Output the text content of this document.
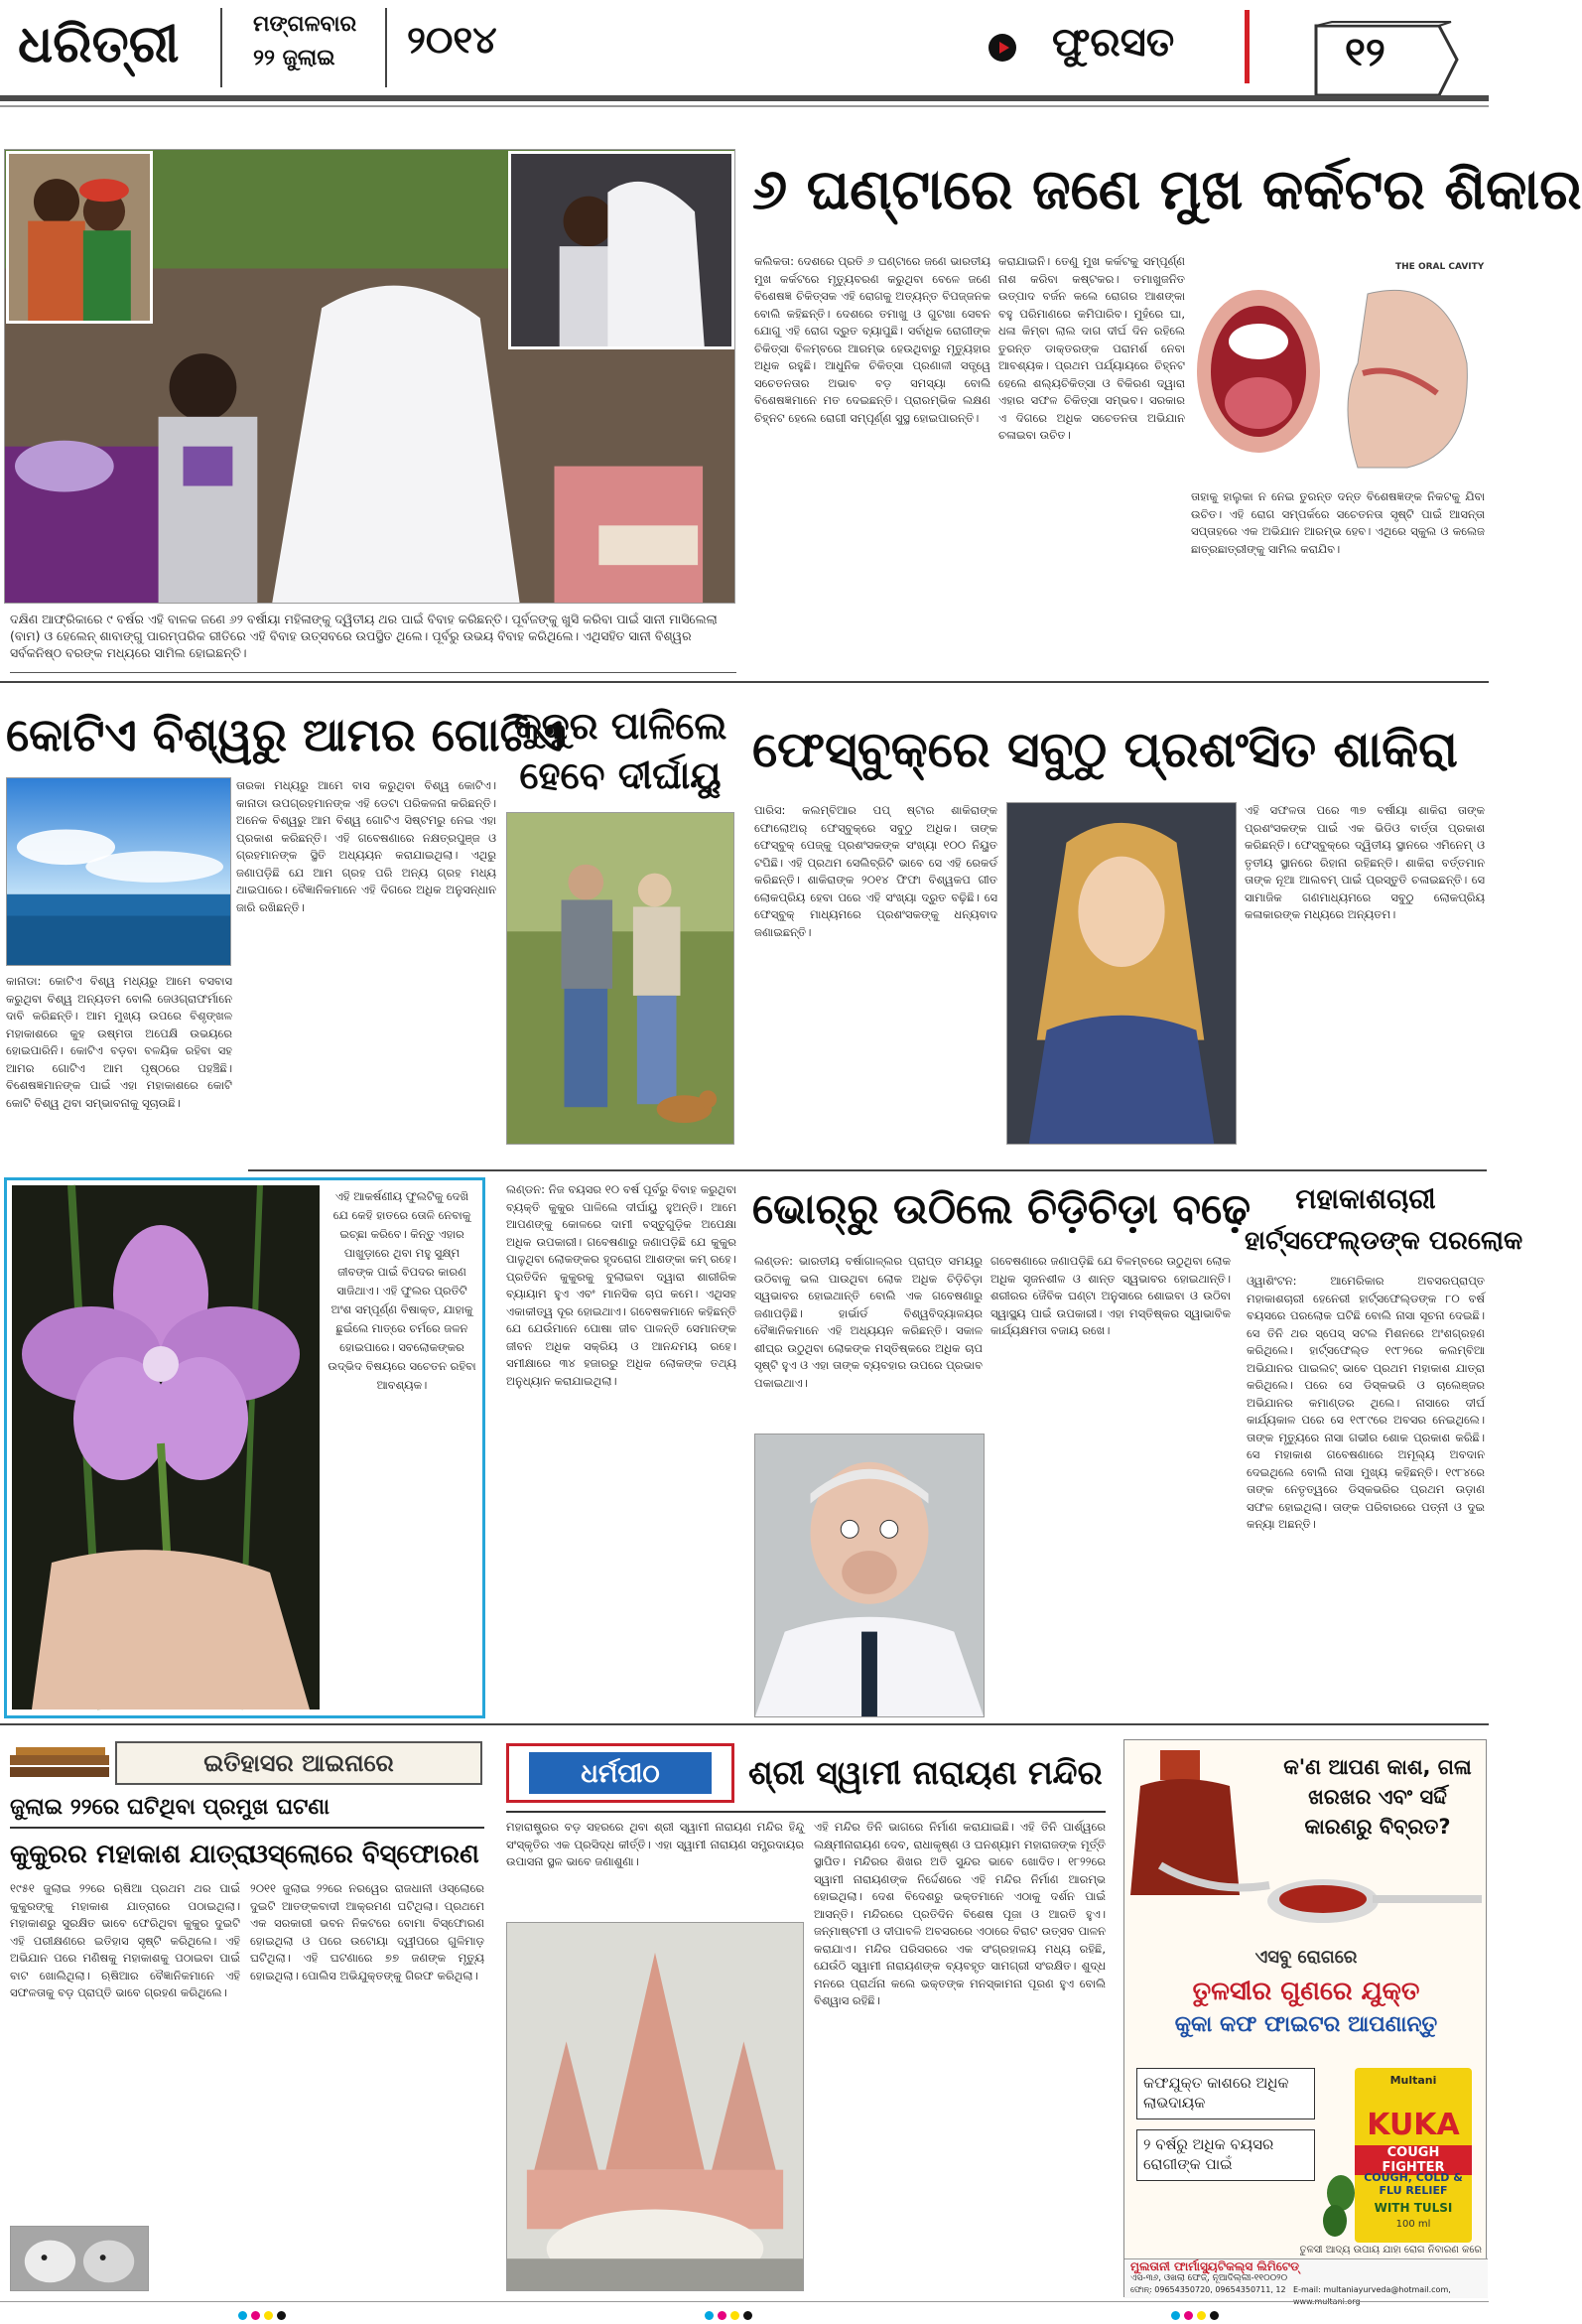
ଧରିତ୍ରୀ	ମଙ୍ଗଳବାର
୨୨ ଜୁଲାଇ ୨୦୧୪	ଫୁରସତ	୧୨
ଦକ୍ଷିଣ ଆଫ୍ରିକାରେ ୯ ବର୍ଷର ଏହି ବାଳକ ଜଣେ ୬୨ ବର୍ଷୀୟା ମହିଳାଙ୍କୁ ଦ୍ୱିତୀୟ ଥର ପାଇଁ ବିବାହ କରିଛନ୍ତି। ପୂର୍ବଜଙ୍କୁ ଖୁସି କରିବା ପାଇଁ ସାନୀ ମାସିଲେଲା (ବାମ) ଓ ହେଲେନ୍ ଶାବାଙ୍ଗୁ ପାରମ୍ପରିକ ରୀତିରେ ଏହି ବିବାହ ଉତ୍ସବରେ ଉପସ୍ଥିତ ଥିଲେ। ପୂର୍ବରୁ ଉଭୟ ବିବାହ କରିଥିଲେ। ଏଥିସହିତ ସାନୀ ବିଶ୍ୱର ସର୍ବକନିଷ୍ଠ ବରଙ୍କ ମଧ୍ୟରେ ସାମିଲ ହୋଇଛନ୍ତି।
୬ ଘଣ୍ଟାରେ ଜଣେ ମୁଖ କର୍କଟର ଶିକାର
କଲିକତା: ଦେଶରେ ପ୍ରତି ୬ ଘଣ୍ଟାରେ ଜଣେ ଭାରତୀୟ ମୁଖ କର୍କଟରେ ମୃତ୍ୟୁବରଣ କରୁଥିବା ବେଳେ ଜଣେ ବିଶେଷଜ୍ଞ ଚିକିତ୍ସକ ଏହି ରୋଗକୁ ଅତ୍ୟନ୍ତ ବିପଜ୍ଜନକ ବୋଲି କହିଛନ୍ତି। ଦେଶରେ ତମାଖୁ ଓ ଗୁଟଖା ସେବନ ଯୋଗୁ ଏହି ରୋଗ ଦ୍ରୁତ ବ୍ୟାପୁଛି। ସର୍ବାଧିକ ରୋଗୀଙ୍କ ଚିକିତ୍ସା ବିଳମ୍ବରେ ଆରମ୍ଭ ହେଉଥିବାରୁ ମୃତ୍ୟୁହାର ଅଧିକ ରହୁଛି। ଆଧୁନିକ ଚିକିତ୍ସା ପ୍ରଣାଳୀ ସତ୍ତ୍ୱେ ସଚେତନତାର ଅଭାବ ବଡ଼ ସମସ୍ୟା ବୋଲି ବିଶେଷଜ୍ଞମାନେ ମତ ଦେଇଛନ୍ତି। ପ୍ରାରମ୍ଭିକ ଲକ୍ଷଣ ଚିହ୍ନଟ ହେଲେ ରୋଗୀ ସମ୍ପୂର୍ଣ୍ଣ ସୁସ୍ଥ ହୋଇପାରନ୍ତି।
କରାଯାଇନି। ତେଣୁ ମୁଖ କର୍କଟକୁ ସମ୍ପୂର୍ଣ୍ଣ ନାଶ କରିବା କଷ୍ଟକର। ତମାଖୁଜନିତ ଉତ୍ପାଦ ବର୍ଜନ କଲେ ରୋଗର ଆଶଙ୍କା ବହୁ ପରିମାଣରେ କମିପାରିବ। ମୁହଁରେ ଘା, ଧଳା କିମ୍ବା ଲାଲ ଦାଗ ଦୀର୍ଘ ଦିନ ରହିଲେ ତୁରନ୍ତ ଡାକ୍ତରଙ୍କ ପରାମର୍ଶ ନେବା ଆବଶ୍ୟକ। ପ୍ରଥମ ପର୍ଯ୍ୟାୟରେ ଚିହ୍ନଟ ହେଲେ ଶଲ୍ୟଚିକିତ୍ସା ଓ ବିକିରଣ ଦ୍ୱାରା ଏହାର ସଫଳ ଚିକିତ୍ସା ସମ୍ଭବ। ସରକାର ଏ ଦିଗରେ ଅଧିକ ସଚେତନତା ଅଭିଯାନ ଚଳାଇବା ଉଚିତ।
THE ORAL CAVITY
ତାହାକୁ ହାଲୁକା ନ ନେଇ ତୁରନ୍ତ ଦନ୍ତ ବିଶେଷଜ୍ଞଙ୍କ ନିକଟକୁ ଯିବା ଉଚିତ। ଏହି ରୋଗ ସମ୍ପର୍କରେ ସଚେତନତା ସୃଷ୍ଟି ପାଇଁ ଆସନ୍ତା ସପ୍ତାହରେ ଏକ ଅଭିଯାନ ଆରମ୍ଭ ହେବ। ଏଥିରେ ସ୍କୁଲ ଓ କଲେଜ ଛାତ୍ରଛାତ୍ରୀଙ୍କୁ ସାମିଲ କରାଯିବ।
କୋଟିଏ ବିଶ୍ୱରୁ ଆମର ଗୋଟିଏ
ତାରକା ମଧ୍ୟରୁ ଆମେ ବାସ କରୁଥିବା ବିଶ୍ୱ କୋଟିଏ। କାନାଡା ଉପଗ୍ରହମାନଙ୍କ ଏହି ଡେଟା ପରିକଳନା କରିଛନ୍ତି। ଅନେକ ବିଶ୍ୱରୁ ଆମ ବିଶ୍ୱ ଗୋଟିଏ ସିଷ୍ଟମରୁ ନେଇ ଏହା ପ୍ରକାଶ କରିଛନ୍ତି। ଏହି ଗବେଷଣାରେ ନକ୍ଷତ୍ରପୁଞ୍ଜ ଓ ଗ୍ରହମାନଙ୍କ ସ୍ଥିତି ଅଧ୍ୟୟନ କରାଯାଇଥିଲା। ଏଥିରୁ ଜଣାପଡ଼ିଛି ଯେ ଆମ ଗ୍ରହ ପରି ଅନ୍ୟ ଗ୍ରହ ମଧ୍ୟ ଥାଇପାରେ। ବୈଜ୍ଞାନିକମାନେ ଏହି ଦିଗରେ ଅଧିକ ଅନୁସନ୍ଧାନ ଜାରି ରଖିଛନ୍ତି।
କାନାଡା: କୋଟିଏ ବିଶ୍ୱ ମଧ୍ୟରୁ ଆମେ ବସବାସ କରୁଥିବା ବିଶ୍ୱ ଅନ୍ୟତମ ବୋଲି ଜେଓଗ୍ରାଫର୍ମାନେ ଦାବି କରିଛନ୍ତି। ଆମ ମୁଖ୍ୟ ଉପରେ ବିଶୃଙ୍ଖଳ ମହାକାଶରେ କୁହ ଉଷ୍ମତା ଅପେକ୍ଷି ଉଭୟରେ ହୋଇପାରିନି। କୋଟିଏ ବଡ଼ବା ବଳୟିକ ରହିବା ସହ ଆମର ଗୋଟିଏ ଆମ ପୃଷ୍ଠରେ ପହଞ୍ଚିଛି। ବିଶେଷଜ୍ଞମାନଙ୍କ ପାଇଁ ଏହା ମହାକାଶରେ କୋଟି କୋଟି ବିଶ୍ୱ ଥିବା ସମ୍ଭାବନାକୁ ସୂଚାଉଛି।
କୁକୁର ପାଳିଲେ
ହେବେ ଦୀର୍ଘାୟୁ ଫେସ୍‌ବୁକ୍‌ରେ ସବୁଠୁ ପ୍ରଶଂସିତ ଶାକିରା
ପାରିସ: କଲମ୍ବିଆର ପପ୍ ଷ୍ଟାର ଶାକିରାଙ୍କ ଫୋଲୋଅର୍ ଫେସ୍‌ବୁକ୍‌ରେ ସବୁଠୁ ଅଧିକ। ତାଙ୍କ ଫେସ୍‌ବୁକ୍ ପେଜ୍‌କୁ ପ୍ରଶଂସକଙ୍କ ସଂଖ୍ୟା ୧୦୦ ନିୟୁତ ଟପିଛି। ଏହି ପ୍ରଥମ ସେଲିବ୍ରିଟି ଭାବେ ସେ ଏହି ରେକର୍ଡ କରିଛନ୍ତି। ଶାକିରାଙ୍କ ୨୦୧୪ ଫିଫା ବିଶ୍ୱକପ ଗୀତ ଲୋକପ୍ରିୟ ହେବା ପରେ ଏହି ସଂଖ୍ୟା ଦ୍ରୁତ ବଢ଼ିଛି। ସେ ଫେସ୍‌ବୁକ୍ ମାଧ୍ୟମରେ ପ୍ରଶଂସକଙ୍କୁ ଧନ୍ୟବାଦ ଜଣାଇଛନ୍ତି।
ଏହି ସଫଳତା ପରେ ୩୭ ବର୍ଷୀୟା ଶାକିରା ତାଙ୍କ ପ୍ରଶଂସକଙ୍କ ପାଇଁ ଏକ ଭିଡିଓ ବାର୍ତ୍ତା ପ୍ରକାଶ କରିଛନ୍ତି। ଫେସ୍‌ବୁକ୍‌ରେ ଦ୍ୱିତୀୟ ସ୍ଥାନରେ ଏମିନେମ୍ ଓ ତୃତୀୟ ସ୍ଥାନରେ ରିହାନା ରହିଛନ୍ତି। ଶାକିରା ବର୍ତ୍ତମାନ ତାଙ୍କ ନୂଆ ଆଲବମ୍ ପାଇଁ ପ୍ରସ୍ତୁତି ଚଳାଇଛନ୍ତି। ସେ ସାମାଜିକ ଗଣମାଧ୍ୟମରେ ସବୁଠୁ ଲୋକପ୍ରିୟ କଳାକାରଙ୍କ ମଧ୍ୟରେ ଅନ୍ୟତମ।
ଏହି ଆକର୍ଷଣୀୟ ଫୁଲଟିକୁ ଦେଖି ଯେ କେହି ହାତରେ ତୋଳି ନେବାକୁ ଇଚ୍ଛା କରିବେ। କିନ୍ତୁ ଏହାର ପାଖୁଡ଼ାରେ ଥିବା ମହୁ ସୁକ୍ଷ୍ମ ଜୀବଙ୍କ ପାଇଁ ବିପଦର କାରଣ ସାଜିଥାଏ। ଏହି ଫୁଲର ପ୍ରତିଟି ଅଂଶ ସମ୍ପୂର୍ଣ୍ଣ ବିଷାକ୍ତ, ଯାହାକୁ ଛୁଇଁଲେ ମାତ୍ରେ ଚର୍ମରେ ଜଳନ ହୋଇପାରେ। ସବଲୋକଙ୍କର ଉଦ୍ଭିଦ ବିଷୟରେ ସଚେତନ ରହିବା ଆବଶ୍ୟକ।
ଲଣ୍ଡନ: ନିଜ ବୟସର ୧୦ ବର୍ଷ ପୂର୍ବରୁ ବିବାହ କରୁଥିବା ବ୍ୟକ୍ତି କୁକୁର ପାଳିଲେ ଦୀର୍ଘାୟୁ ହୁଅନ୍ତି। ଆମେ ଆପଣଙ୍କୁ କୋଳରେ ଦାମୀ ବସ୍ତୁଗୁଡ଼ିକ ଅପେକ୍ଷା ଅଧିକ ଉପକାରୀ। ଗବେଷଣାରୁ ଜଣାପଡ଼ିଛି ଯେ କୁକୁର ପାଳୁଥିବା ଲୋକଙ୍କର ହୃଦରୋଗ ଆଶଙ୍କା କମ୍ ରହେ। ପ୍ରତିଦିନ କୁକୁରକୁ ବୁଲାଇବା ଦ୍ୱାରା ଶାରୀରିକ ବ୍ୟାୟାମ ହୁଏ ଏବଂ ମାନସିକ ଚାପ କମେ। ଏଥିସହ ଏକାକୀତ୍ୱ ଦୂର ହୋଇଥାଏ। ଗବେଷକମାନେ କହିଛନ୍ତି ଯେ ଯେଉଁମାନେ ପୋଷା ଜୀବ ପାଳନ୍ତି ସେମାନଙ୍କ ଜୀବନ ଅଧିକ ସକ୍ରିୟ ଓ ଆନନ୍ଦମୟ ରହେ। ସମୀକ୍ଷାରେ ୩୪ ହଜାରରୁ ଅଧିକ ଲୋକଙ୍କ ତଥ୍ୟ ଅନୁଧ୍ୟାନ କରାଯାଇଥିଲା।
ଭୋର୍‌ରୁ ଉଠିଲେ ଚିଡ଼ିଚିଡ଼ା ବଢ଼େ
ଲଣ୍ଡନ: ଭାରତୀୟ ବର୍ଷାଗାଳ୍ଲର ପ୍ରାପ୍ତ ସମୟରୁ ଉଠିବାକୁ ଭଲ ପାଉଥିବା ଲୋକ ଅଧିକ ଚିଡ଼ିଚିଡ଼ା ସ୍ୱଭାବର ହୋଇଥାନ୍ତି ବୋଲି ଏକ ଗବେଷଣାରୁ ଜଣାପଡ଼ିଛି। ହାର୍ଭାର୍ଡ ବିଶ୍ୱବିଦ୍ୟାଳୟର ବୈଜ୍ଞାନିକମାନେ ଏହି ଅଧ୍ୟୟନ କରିଛନ୍ତି। ସକାଳ ଶୀଘ୍ର ଉଠୁଥିବା ଲୋକଙ୍କ ମସ୍ତିଷ୍କରେ ଅଧିକ ଚାପ ସୃଷ୍ଟି ହୁଏ ଓ ଏହା ତାଙ୍କ ବ୍ୟବହାର ଉପରେ ପ୍ରଭାବ ପକାଇଥାଏ।
ଗବେଷଣାରେ ଜଣାପଡ଼ିଛି ଯେ ବିଳମ୍ବରେ ଉଠୁଥିବା ଲୋକ ଅଧିକ ସୃଜନଶୀଳ ଓ ଶାନ୍ତ ସ୍ୱଭାବର ହୋଇଥାନ୍ତି। ଶରୀରର ଜୈବିକ ଘଣ୍ଟା ଅନୁସାରେ ଶୋଇବା ଓ ଉଠିବା ସ୍ୱାସ୍ଥ୍ୟ ପାଇଁ ଉପକାରୀ। ଏହା ମସ୍ତିଷ୍କର ସ୍ୱାଭାବିକ କାର୍ଯ୍ୟକ୍ଷମତା ବଜାୟ ରଖେ।
ମହାକାଶଚାରୀ
ହାର୍ଟ୍‌ସଫେଲ୍ଡଙ୍କ ପରଲୋକ
ଓ୍ୱାଶିଂଟନ: ଆମେରିକାର ଅବସରପ୍ରାପ୍ତ ମହାକାଶଚାରୀ ହେନେରୀ ହାର୍ଟ୍‌ସଫେଲ୍ଡଙ୍କ ୮୦ ବର୍ଷ ବୟସରେ ପରଲୋକ ଘଟିଛି ବୋଲି ନାସା ସୂଚନା ଦେଇଛି। ସେ ତିନି ଥର ସ୍ପେସ୍ ସଟଲ ମିଶନରେ ଅଂଶଗ୍ରହଣ କରିଥିଲେ। ହାର୍ଟ୍‌ସଫେଲ୍ଡ ୧୯୮୨ରେ କଲମ୍ବିଆ ଅଭିଯାନର ପାଇଲଟ୍ ଭାବେ ପ୍ରଥମ ମହାକାଶ ଯାତ୍ରା କରିଥିଲେ। ପରେ ସେ ଡିସ୍କଭରି ଓ ଚାଲେଞ୍ଜର ଅଭିଯାନର କମାଣ୍ଡର ଥିଲେ। ନାସାରେ ଦୀର୍ଘ କାର୍ଯ୍ୟକାଳ ପରେ ସେ ୧୯୮୯ରେ ଅବସର ନେଇଥିଲେ। ତାଙ୍କ ମୃତ୍ୟୁରେ ନାସା ଗଭୀର ଶୋକ ପ୍ରକାଶ କରିଛି। ସେ ମହାକାଶ ଗବେଷଣାରେ ଅମୂଲ୍ୟ ଅବଦାନ ଦେଇଥିଲେ ବୋଲି ନାସା ମୁଖ୍ୟ କହିଛନ୍ତି। ୧୯୮୪ରେ ତାଙ୍କ ନେତୃତ୍ୱରେ ଡିସ୍କଭରିର ପ୍ରଥମ ଉଡ଼ାଣ ସଫଳ ହୋଇଥିଲା। ତାଙ୍କ ପରିବାରରେ ପତ୍ନୀ ଓ ଦୁଇ କନ୍ୟା ଅଛନ୍ତି।
ଇତିହାସର ଆଇନାରେ
ଜୁଲାଇ ୨୨ରେ ଘଟିଥିବା ପ୍ରମୁଖ ଘଟଣା
କୁକୁରର ମହାକାଶ ଯାତ୍ରା
୧୯୫୧ ଜୁଲାଇ ୨୨ରେ ଋଷିଆ ପ୍ରଥମ ଥର ପାଇଁ କୁକୁରଙ୍କୁ ମହାକାଶ ଯାତ୍ରାରେ ପଠାଇଥିଲା। ମହାକାଶରୁ ସୁରକ୍ଷିତ ଭାବେ ଫେରିଥିବା କୁକୁର ଦୁଇଟି ଏହି ପରୀକ୍ଷଣରେ ଇତିହାସ ସୃଷ୍ଟି କରିଥିଲେ। ଏହି ଅଭିଯାନ ପରେ ମଣିଷକୁ ମହାକାଶକୁ ପଠାଇବା ପାଇଁ ବାଟ ଖୋଲିଥିଲା। ଋଷିଆର ବୈଜ୍ଞାନିକମାନେ ଏହି ସଫଳତାକୁ ବଡ଼ ପ୍ରାପ୍ତି ଭାବେ ଗ୍ରହଣ କରିଥିଲେ।
ଓସ୍ଲୋରେ ବିସ୍ଫୋରଣ
୨୦୧୧ ଜୁଲାଇ ୨୨ରେ ନରୱେର ରାଜଧାନୀ ଓସ୍ଲୋରେ ଦୁଇଟି ଆତଙ୍କବାଦୀ ଆକ୍ରମଣ ଘଟିଥିଲା। ପ୍ରଥମେ ଏକ ସରକାରୀ ଭବନ ନିକଟରେ ବୋମା ବିସ୍ଫୋରଣ ହୋଇଥିଲା ଓ ପରେ ଉଟୋୟା ଦ୍ୱୀପରେ ଗୁଳିମାଡ଼ ଘଟିଥିଲା। ଏହି ଘଟଣାରେ ୭୭ ଜଣଙ୍କ ମୃତ୍ୟୁ ହୋଇଥିଲା। ପୋଲିସ ଅଭିଯୁକ୍ତଙ୍କୁ ଗିରଫ କରିଥିଲା।
ଧର୍ମପୀଠ	ଶ୍ରୀ ସ୍ୱାମୀ ନାରାୟଣ ମନ୍ଦିର
ମହାରାଷ୍ଟ୍ରର ବଡ଼ ସହରରେ ଥିବା ଶ୍ରୀ ସ୍ୱାମୀ ନାରାୟଣ ମନ୍ଦିର ହିନ୍ଦୁ ସଂସ୍କୃତିର ଏକ ପ୍ରସିଦ୍ଧ କୀର୍ତ୍ତି। ଏହା ସ୍ୱାମୀ ନାରାୟଣ ସମ୍ପ୍ରଦାୟର ଉପାସନା ସ୍ଥଳ ଭାବେ ଜଣାଶୁଣା।
ଏହି ମନ୍ଦିର ତିନି ଭାଗରେ ନିର୍ମାଣ କରାଯାଇଛି। ଏହି ତିନି ପାର୍ଶ୍ୱରେ ଲକ୍ଷ୍ମୀନାରାୟଣ ଦେବ, ରାଧାକୃଷ୍ଣ ଓ ଘନଶ୍ୟାମ ମହାରାଜଙ୍କ ମୂର୍ତ୍ତି ସ୍ଥାପିତ। ମନ୍ଦିରର ଶିଖର ଅତି ସୁନ୍ଦର ଭାବେ ଖୋଦିତ। ୧୮୨୨ରେ ସ୍ୱାମୀ ନାରାୟଣଙ୍କ ନିର୍ଦ୍ଦେଶରେ ଏହି ମନ୍ଦିର ନିର୍ମାଣ ଆରମ୍ଭ ହୋଇଥିଲା। ଦେଶ ବିଦେଶରୁ ଭକ୍ତମାନେ ଏଠାକୁ ଦର୍ଶନ ପାଇଁ ଆସନ୍ତି। ମନ୍ଦିରରେ ପ୍ରତିଦିନ ବିଶେଷ ପୂଜା ଓ ଆରତି ହୁଏ। ଜନ୍ମାଷ୍ଟମୀ ଓ ଦୀପାବଳି ଅବସରରେ ଏଠାରେ ବିରାଟ ଉତ୍ସବ ପାଳନ କରାଯାଏ। ମନ୍ଦିର ପରିସରରେ ଏକ ସଂଗ୍ରହାଳୟ ମଧ୍ୟ ରହିଛି, ଯେଉଁଠି ସ୍ୱାମୀ ନାରାୟଣଙ୍କ ବ୍ୟବହୃତ ସାମଗ୍ରୀ ସଂରକ୍ଷିତ। ଶୁଦ୍ଧ ମନରେ ପ୍ରାର୍ଥନା କଲେ ଭକ୍ତଙ୍କ ମନସ୍କାମନା ପୂରଣ ହୁଏ ବୋଲି ବିଶ୍ୱାସ ରହିଛି।
କ'ଣ ଆପଣ କାଶ, ଗଳା ଖରଖର ଏବଂ ସର୍ଦ୍ଦି କାରଣରୁ ବିବ୍ରତ?
ଏସବୁ ରୋଗରେ
ତୁଳସୀର ଗୁଣରେ ଯୁକ୍ତ
କୁକା କଫ ଫାଇଟର ଆପଣାନ୍ତୁ
କଫଯୁକ୍ତ କାଶରେ ଅଧିକ ଲାଭଦାୟକ
୨ ବର୍ଷରୁ ଅଧିକ ବୟସର ରୋଗୀଙ୍କ ପାଇଁ
Multani
KUKA
COUGH FIGHTER
COUGH, COLD & FLU RELIEF
WITH TULSI
100 ml
ତୁଳସୀ ଆଦ୍ୟ ଉପାୟ ଯାହା ରୋଗ ନିବାରଣ କରେ
ମୁଲତାନୀ ଫାର୍ମାସ୍ୟୁଟିକଲ୍ସ ଲିମିଟେଡ୍
ଏସ-୩୬, ଓଖଲା ଫେଜ୍, ନୂଆଦିଲ୍ଲୀ-୧୧୦୦୨୦
ଫୋନ୍: 09654350720, 09654350711, 12 E-mail: multaniayurveda@hotmail.com,
